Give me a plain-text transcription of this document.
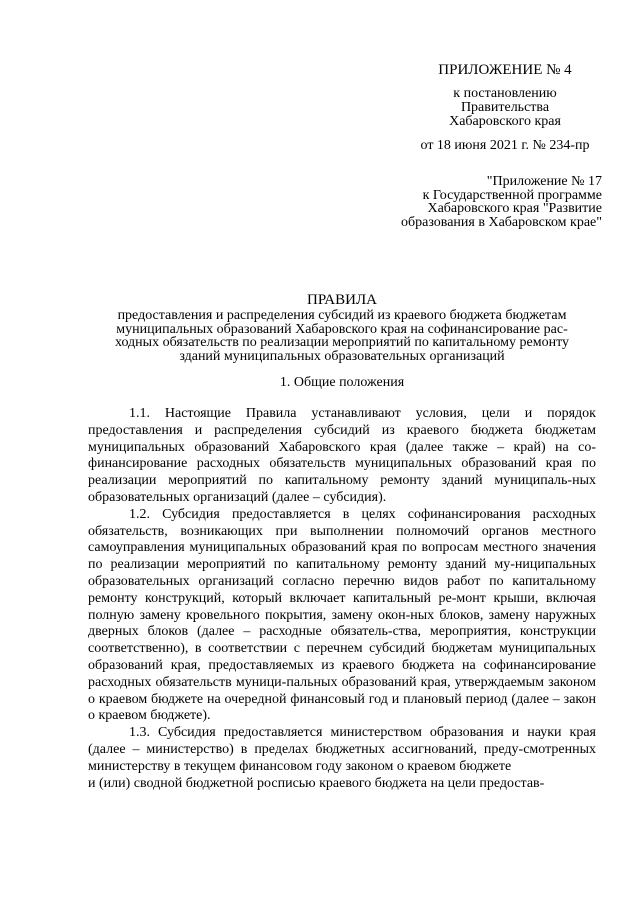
ПРИЛОЖЕНИЕ № 4
к постановлению
Правительства
Хабаровского края
от 18 июня 2021 г. № 234-пр
"Приложение № 17
к Государственной программе
Хабаровского края "Развитие
образования в Хабаровском крае"
ПРАВИЛА
предоставления и распределения субсидий из краевого бюджета бюджетам
муниципальных образований Хабаровского края на софинансирование рас-
ходных обязательств по реализации мероприятий по капитальному ремонту
зданий муниципальных образовательных организаций
1. Общие положения

1.1. Настоящие Правила устанавливают условия, цели и порядок предоставления и распределения субсидий из краевого бюджета бюджетам муниципальных образований Хабаровского края (далее также – край) на со-финансирование расходных обязательств муниципальных образований края по реализации мероприятий по капитальному ремонту зданий муниципаль-ных образовательных организаций (далее – субсидия).

1.2. Субсидия предоставляется в целях софинансирования расходных обязательств, возникающих при выполнении полномочий органов местного самоуправления муниципальных образований края по вопросам местного значения по реализации мероприятий по капитальному ремонту зданий му-ниципальных образовательных организаций согласно перечню видов работ по капитальному ремонту конструкций, который включает капитальный ре-монт крыши, включая полную замену кровельного покрытия, замену окон-ных блоков, замену наружных дверных блоков (далее – расходные обязатель-ства, мероприятия, конструкции соответственно), в соответствии с перечнем субсидий бюджетам муниципальных образований края, предоставляемых из краевого бюджета на софинансирование расходных обязательств муници-пальных образований края, утверждаемым законом о краевом бюджете на очередной финансовый год и плановый период (далее – закон о краевом бюджете).

1.3. Субсидия предоставляется министерством образования и науки края (далее – министерство) в пределах бюджетных ассигнований, преду-смотренных министерству в текущем финансовом году законом о краевом бюджете

и (или) сводной бюджетной росписью краевого бюджета на цели предостав-
